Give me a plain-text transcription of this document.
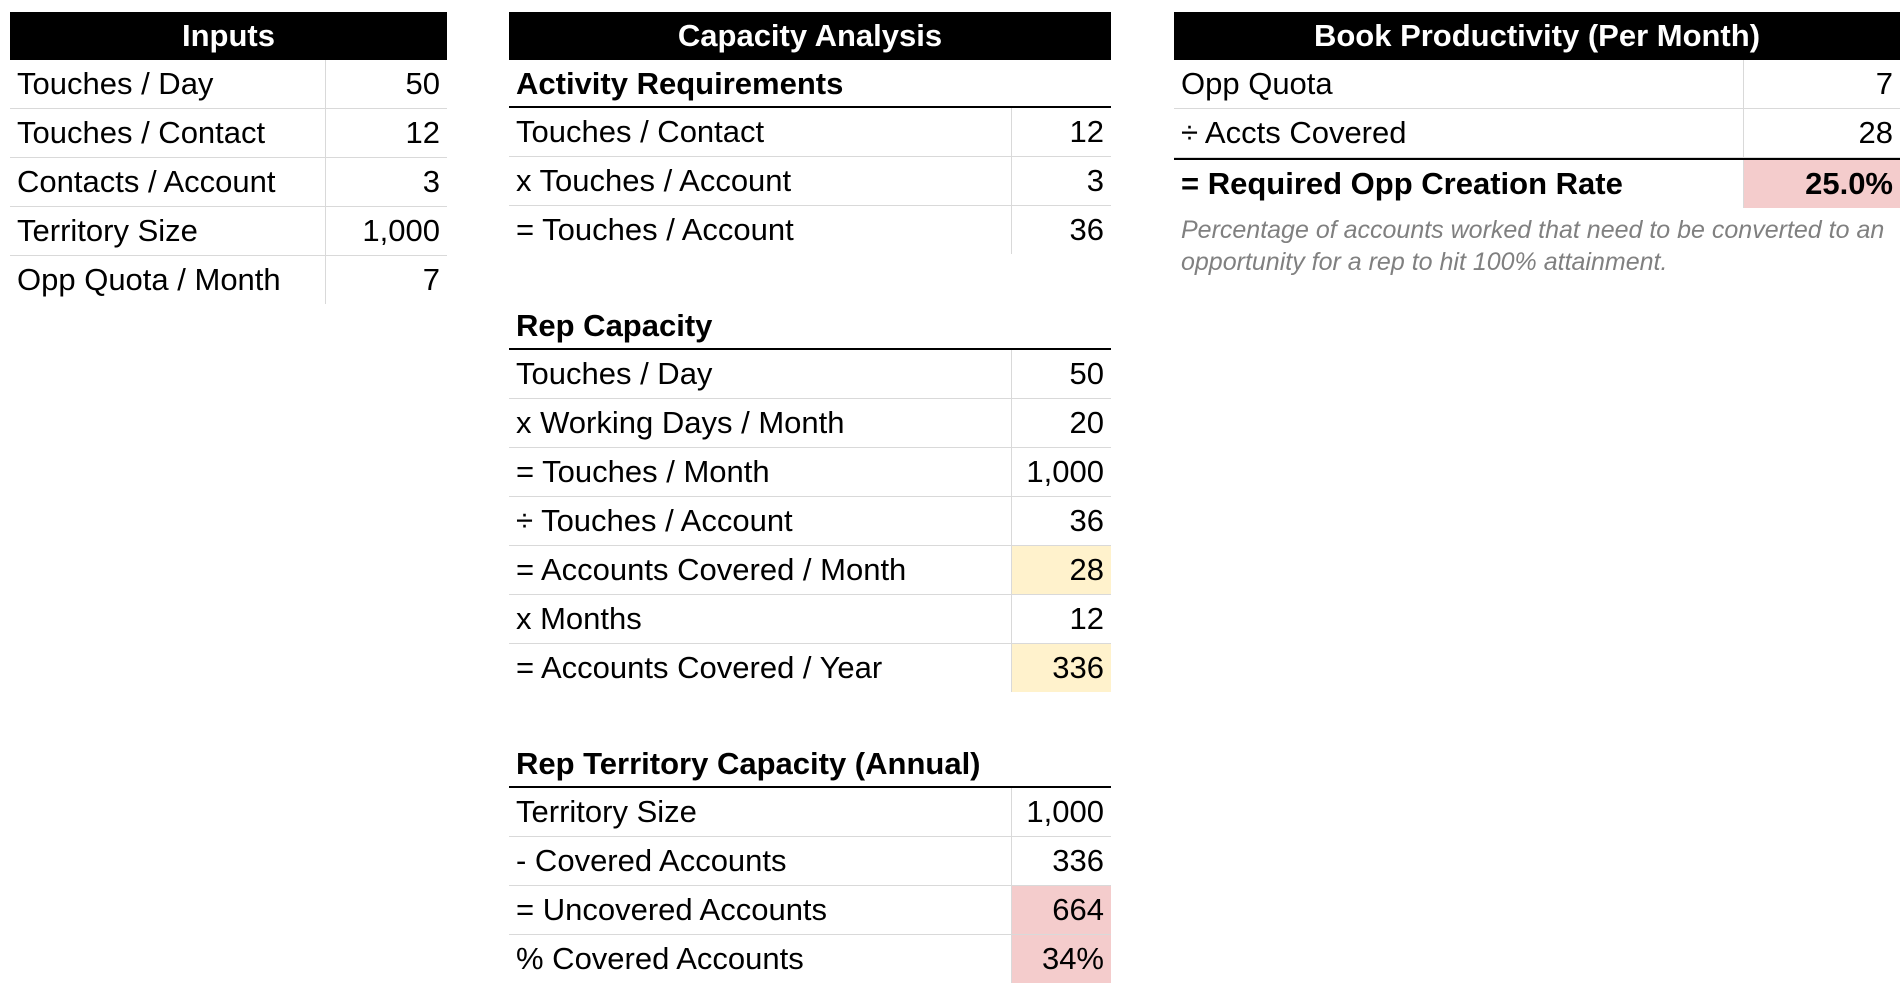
Inputs
Touches / Day	50
Touches / Contact	12
Contacts / Account	3
Territory Size	1,000
Opp Quota / Month	7
Capacity Analysis
Activity Requirements
Touches / Contact	12
x Touches / Account	3
= Touches / Account	36
Rep Capacity
Touches / Day	50
x Working Days / Month	20
= Touches / Month	1,000
÷ Touches / Account	36
= Accounts Covered / Month	28
x Months	12
= Accounts Covered / Year	336
Rep Territory Capacity (Annual)
Territory Size	1,000
- Covered Accounts	336
= Uncovered Accounts	664
% Covered Accounts	34%
Book Productivity (Per Month)
Opp Quota	7
÷ Accts Covered	28
= Required Opp Creation Rate	25.0%
Percentage of accounts worked that need to be converted to an opportunity for a rep to hit 100% attainment.
